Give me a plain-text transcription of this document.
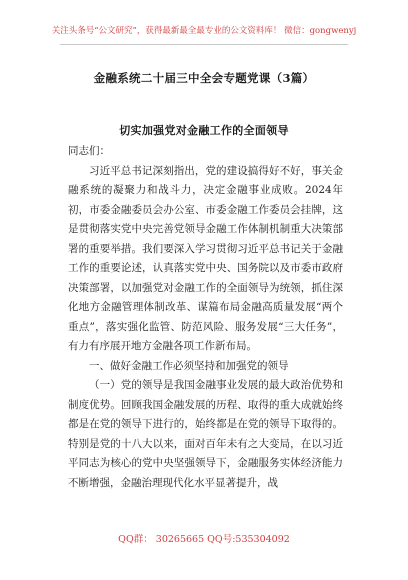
关注头条号“公文研究”，获得最新最全最专业的公文资料库！ 微信：gongwenyj
金融系统二十届三中全会专题党课（3篇）
切实加强党对金融工作的全面领导

同志们：

习近平总书记深刻指出，党的建设搞得好不好，事关金融系统的凝聚力和战斗力，决定金融事业成败。2024年初，市委金融委员会办公室、市委金融工作委员会挂牌，这是贯彻落实党中央完善党领导金融工作体制机制重大决策部署的重要举措。我们要深入学习贯彻习近平总书记关于金融工作的重要论述，认真落实党中央、国务院以及市委市政府决策部署，以加强党对金融工作的全面领导为统领，抓住深化地方金融管理体制改革、谋篇布局金融高质量发展“两个重点”，落实强化监管、防范风险、服务发展“三大任务”，有力有序展开地方金融各项工作新布局。

一、做好金融工作必须坚持和加强党的领导

（一）党的领导是我国金融事业发展的最大政治优势和制度优势。回顾我国金融发展的历程、取得的重大成就始终都是在党的领导下进行的，始终都是在党的领导下取得的。特别是党的十八大以来，面对百年未有之大变局，在以习近平同志为核心的党中央坚强领导下，金融服务实体经济能力不断增强，金融治理现代化水平显著提升，战

QQ群： 30265665 QQ号:535304092
